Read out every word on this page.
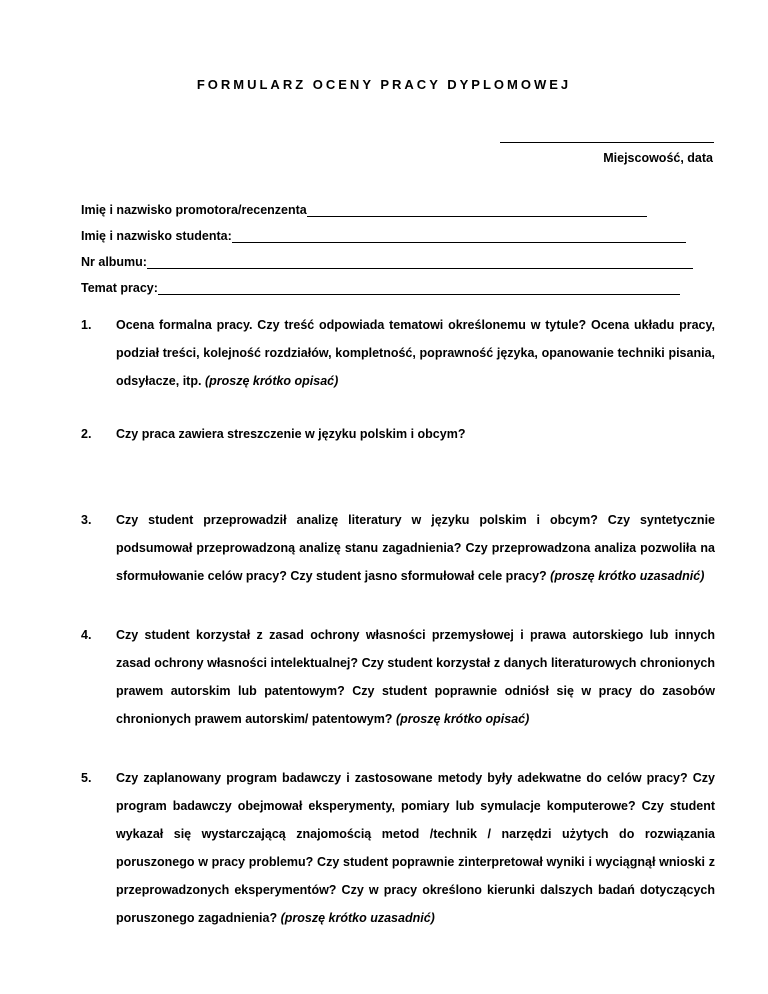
FORMULARZ OCENY PRACY DYPLOMOWEJ
Miejscowość, data
Imię i nazwisko promotora/recenzenta
Imię i nazwisko studenta:
Nr albumu:
Temat pracy:
1. Ocena formalna pracy. Czy treść odpowiada tematowi określonemu w tytule? Ocena układu pracy, podział treści, kolejność rozdziałów, kompletność, poprawność języka, opanowanie techniki pisania, odsyłacze, itp. (proszę krótko opisać)
2. Czy praca zawiera streszczenie w języku polskim i obcym?
3. Czy student przeprowadził analizę literatury w języku polskim i obcym? Czy syntetycznie podsumował przeprowadzoną analizę stanu zagadnienia? Czy przeprowadzona analiza pozwoliła na sformułowanie celów pracy? Czy student jasno sformułował cele pracy? (proszę krótko uzasadnić)
4. Czy student korzystał z zasad ochrony własności przemysłowej i prawa autorskiego lub innych zasad ochrony własności intelektualnej? Czy student korzystał z danych literaturowych chronionych prawem autorskim lub patentowym? Czy student poprawnie odniósł się w pracy do zasobów chronionych prawem autorskim/ patentowym? (proszę krótko opisać)
5. Czy zaplanowany program badawczy i zastosowane metody były adekwatne do celów pracy? Czy program badawczy obejmował eksperymenty, pomiary lub symulacje komputerowe? Czy student wykazał się wystarczającą znajomością metod /technik / narzędzi użytych do rozwiązania poruszonego w pracy problemu? Czy student poprawnie zinterpretował wyniki i wyciągnął wnioski z przeprowadzonych eksperymentów? Czy w pracy określono kierunki dalszych badań dotyczących poruszonego zagadnienia? (proszę krótko uzasadnić)
